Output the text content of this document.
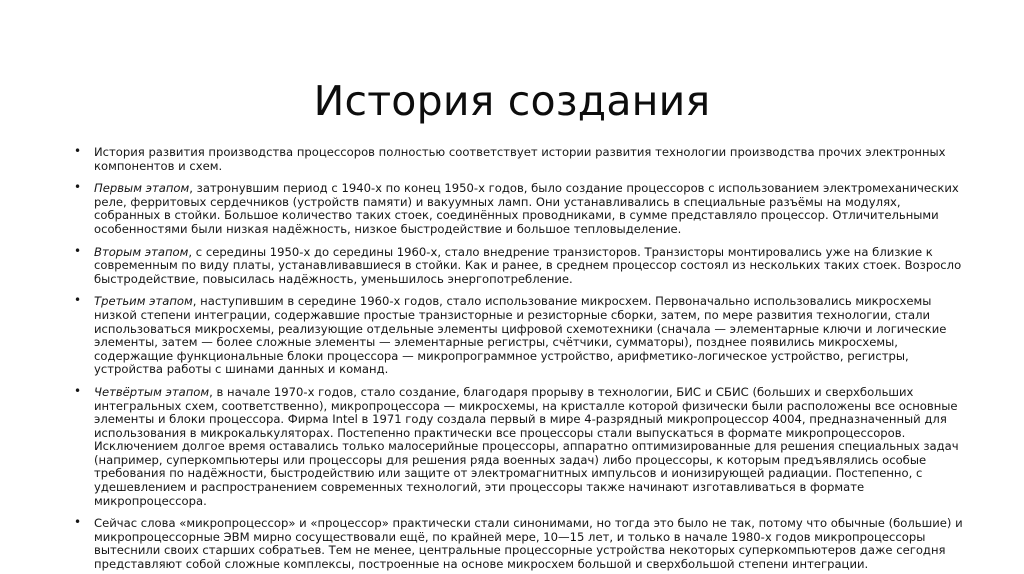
История создания
• История развития производства процессоров полностью соответствует истории развития технологии производства прочих электронных компонентов и схем.
• Первым этапом, затронувшим период с 1940-х по конец 1950-х годов, было создание процессоров с использованием электромеханических реле, ферритовых сердечников (устройств памяти) и вакуумных ламп. Они устанавливались в специальные разъёмы на модулях, собранных в стойки. Большое количество таких стоек, соединённых проводниками, в сумме представляло процессор. Отличительными особенностями были низкая надёжность, низкое быстродействие и большое тепловыделение.
• Вторым этапом, с середины 1950-х до середины 1960-х, стало внедрение транзисторов. Транзисторы монтировались уже на близкие к современным по виду платы, устанавливавшиеся в стойки. Как и ранее, в среднем процессор состоял из нескольких таких стоек. Возросло быстродействие, повысилась надёжность, уменьшилось энергопотребление.
• Третьим этапом, наступившим в середине 1960-х годов, стало использование микросхем. Первоначально использовались микросхемы низкой степени интеграции, содержавшие простые транзисторные и резисторные сборки, затем, по мере развития технологии, стали использоваться микросхемы, реализующие отдельные элементы цифровой схемотехники (сначала — элементарные ключи и логические элементы, затем — более сложные элементы — элементарные регистры, счётчики, сумматоры), позднее появились микросхемы, содержащие функциональные блоки процессора — микропрограммное устройство, арифметико-логическое устройство, регистры, устройства работы с шинами данных и команд.
• Четвёртым этапом, в начале 1970-х годов, стало создание, благодаря прорыву в технологии, БИС и СБИС (больших и сверхбольших интегральных схем, соответственно), микропроцессора — микросхемы, на кристалле которой физически были расположены все основные элементы и блоки процессора. Фирма Intel в 1971 году создала первый в мире 4-разрядный микропроцессор 4004, предназначенный для использования в микрокалькуляторах. Постепенно практически все процессоры стали выпускаться в формате микропроцессоров. Исключением долгое время оставались только малосерийные процессоры, аппаратно оптимизированные для решения специальных задач (например, суперкомпьютеры или процессоры для решения ряда военных задач) либо процессоры, к которым предъявлялись особые требования по надёжности, быстродействию или защите от электромагнитных импульсов и ионизирующей радиации. Постепенно, с удешевлением и распространением современных технологий, эти процессоры также начинают изготавливаться в формате микропроцессора.
• Сейчас слова «микропроцессор» и «процессор» практически стали синонимами, но тогда это было не так, потому что обычные (большие) и микропроцессорные ЭВМ мирно сосуществовали ещё, по крайней мере, 10—15 лет, и только в начале 1980-х годов микропроцессоры вытеснили своих старших собратьев. Тем не менее, центральные процессорные устройства некоторых суперкомпьютеров даже сегодня представляют собой сложные комплексы, построенные на основе микросхем большой и сверхбольшой степени интеграции.
